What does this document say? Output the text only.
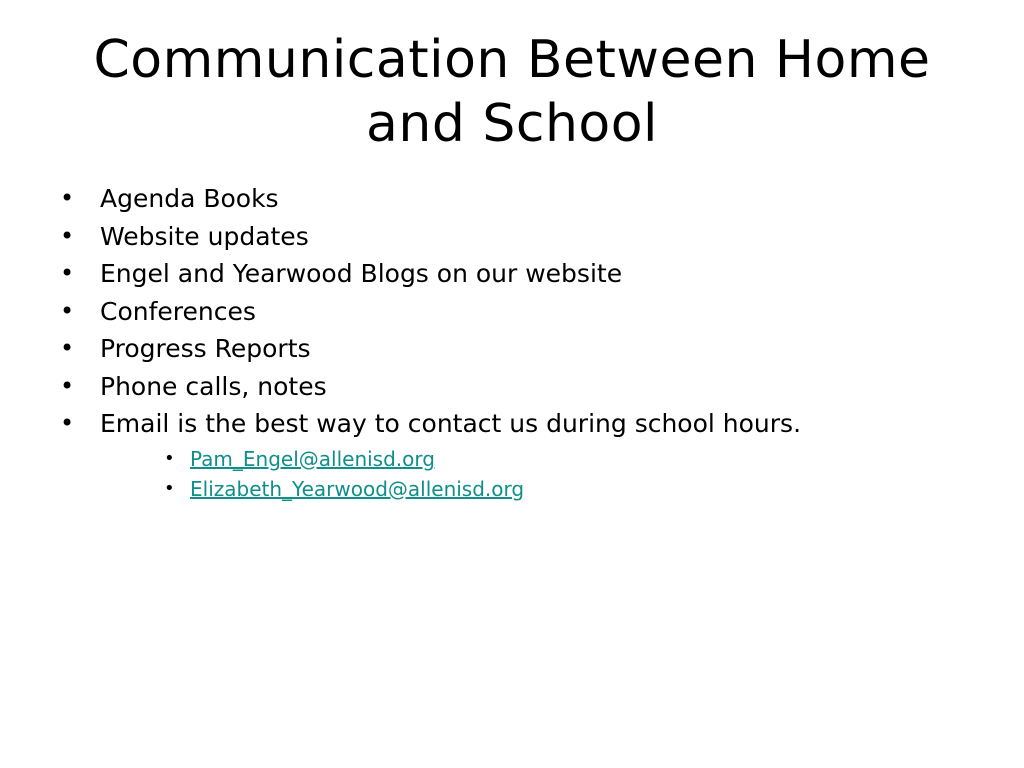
Communication Between Home and School
• Agenda Books
• Website updates
• Engel and Yearwood Blogs on our website
• Conferences
• Progress Reports
• Phone calls, notes
• Email is the best way to contact us during school hours.
• Pam_Engel@allenisd.org
• Elizabeth_Yearwood@allenisd.org
